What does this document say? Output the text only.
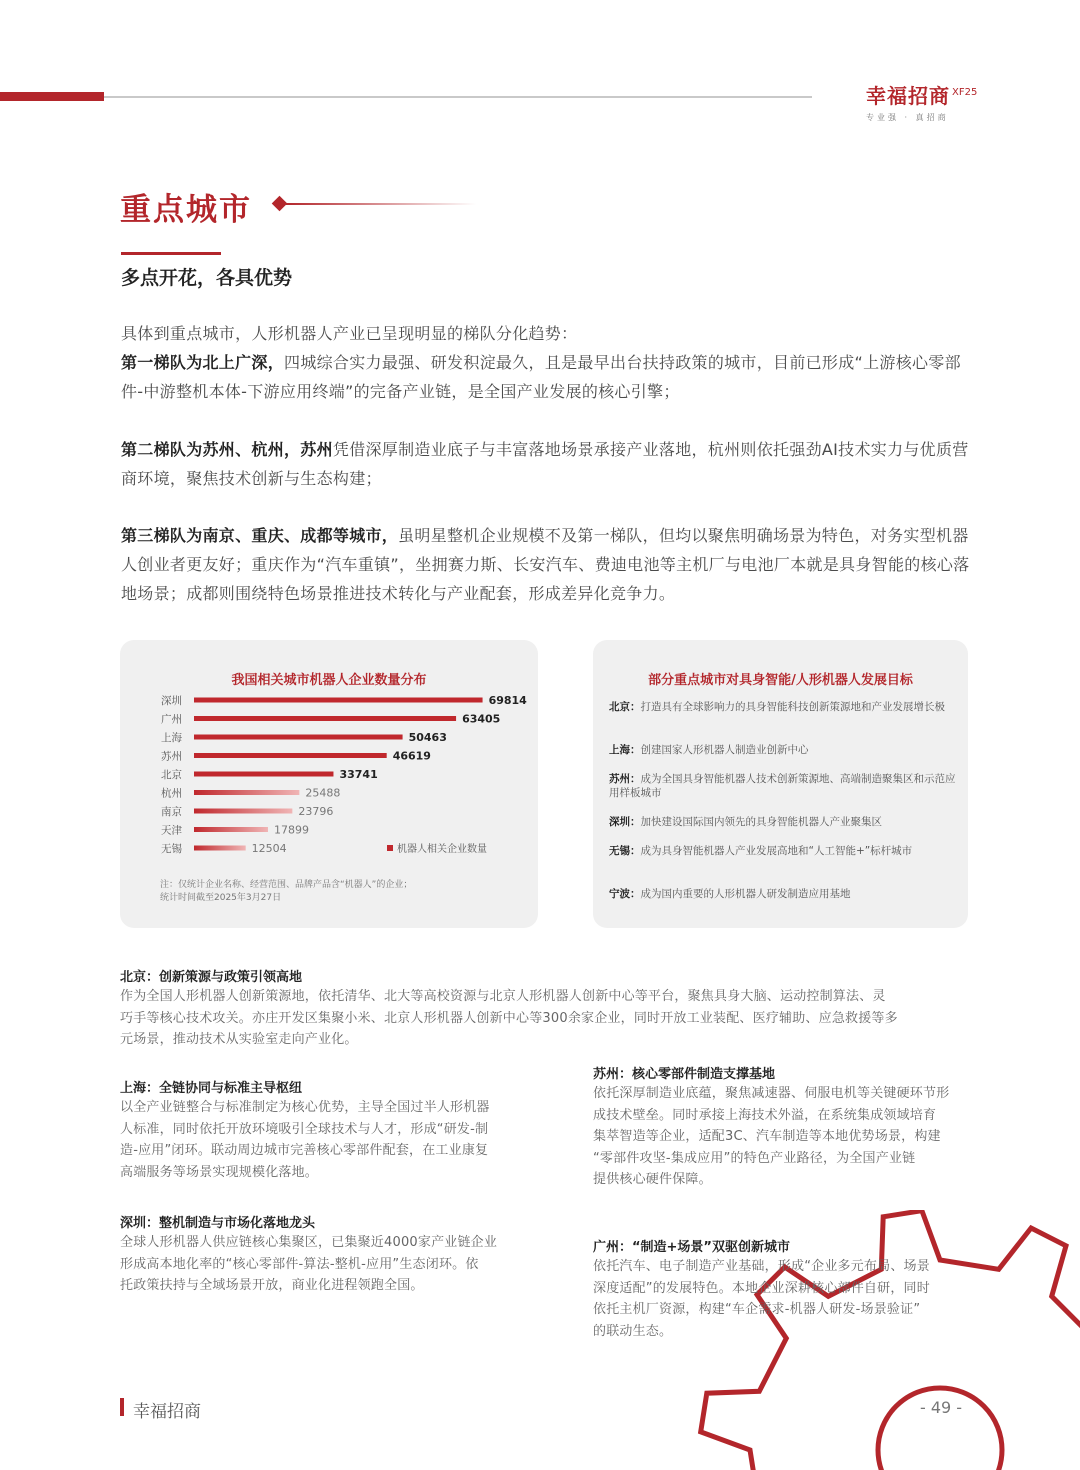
幸福招商 $^{XF25}$
专业强 · 真招商
重点城市
多点开花，各具优势
具体到重点城市，人形机器人产业已呈现明显的梯队分化趋势：
第一梯队为北上广深，四城综合实力最强、研发积淀最久，且是最早出台扶持政策的城市，目前已形成“上游核心零部件-中游整机本体-下游应用终端”的完备产业链，是全国产业发展的核心引擎；
第二梯队为苏州、杭州，苏州凭借深厚制造业底子与丰富落地场景承接产业落地，杭州则依托强劲AI技术实力与优质营商环境，聚焦技术创新与生态构建；
第三梯队为南京、重庆、成都等城市，虽明星整机企业规模不及第一梯队，但均以聚焦明确场景为特色，对务实型机器人创业者更友好；重庆作为“汽车重镇”，坐拥赛力斯、长安汽车、费迪电池等主机厂与电池厂本就是具身智能的核心落地场景；成都则围绕特色场景推进技术转化与产业配套，形成差异化竞争力。
深圳	69814
广州	63405
上海	50463
苏州	46619
北京	33741
杭州	25488
南京	23796
天津	17899
无锡	12504	机器人相关企业数量
我国相关城市机器人企业数量分布
注：仅统计企业名称、经营范围、品牌产品含“机器人”的企业；
统计时间截至2025年3月27日
部分重点城市对具身智能/人形机器人发展目标
北京：打造具有全球影响力的具身智能科技创新策源地和产业发展增长极
上海：创建国家人形机器人制造业创新中心
苏州：成为全国具身智能机器人技术创新策源地、高端制造聚集区和示范应用样板城市
深圳：加快建设国际国内领先的具身智能机器人产业聚集区
无锡：成为具身智能机器人产业发展高地和“人工智能+”标杆城市
宁波：成为国内重要的人形机器人研发制造应用基地
北京：创新策源与政策引领高地
作为全国人形机器人创新策源地，依托清华、北大等高校资源与北京人形机器人创新中心等平台，聚焦具身大脑、运动控制算法、灵
巧手等核心技术攻关。亦庄开发区集聚小米、北京人形机器人创新中心等300余家企业，同时开放工业装配、医疗辅助、应急救援等多
元场景，推动技术从实验室走向产业化。
上海：全链协同与标准主导枢纽
以全产业链整合与标准制定为核心优势，主导全国过半人形机器
人标准，同时依托开放环境吸引全球技术与人才，形成“研发-制
造-应用”闭环。联动周边城市完善核心零部件配套，在工业康复
高端服务等场景实现规模化落地。
深圳：整机制造与市场化落地龙头
全球人形机器人供应链核心集聚区，已集聚近4000家产业链企业
形成高本地化率的“核心零部件-算法-整机-应用”生态闭环。依
托政策扶持与全域场景开放，商业化进程领跑全国。
苏州：核心零部件制造支撑基地
依托深厚制造业底蕴，聚焦减速器、伺服电机等关键硬环节形
成技术壁垒。同时承接上海技术外溢，在系统集成领域培育
集萃智造等企业，适配3C、汽车制造等本地优势场景，构建
“零部件攻坚-集成应用”的特色产业路径，为全国产业链
提供核心硬件保障。
广州：“制造+场景”双驱创新城市
依托汽车、电子制造产业基础，形成“企业多元布局、场景
深度适配”的发展特色。本地企业深耕核心部件自研，同时
依托主机厂资源，构建“车企需求-机器人研发-场景验证”
的联动生态。
幸福招商	- 49 -
